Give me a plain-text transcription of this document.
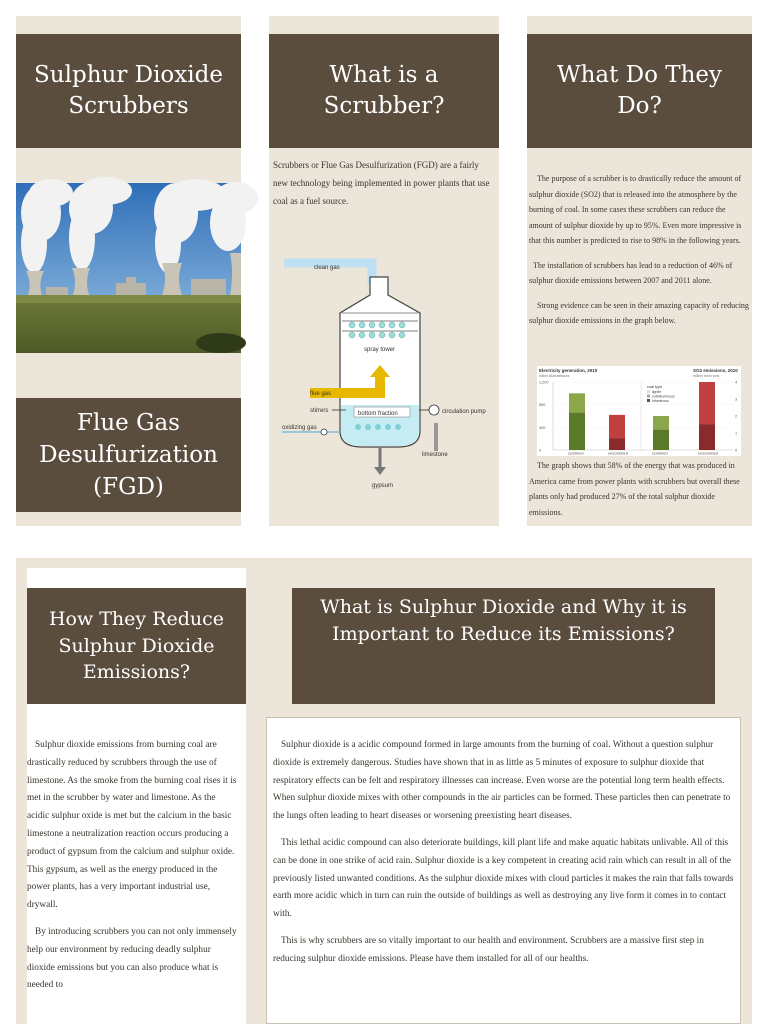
Sulphur Dioxide Scrubbers
Flue Gas Desulfurization (FGD)
What is a Scrubber?

Scrubbers or Flue Gas Desulfurization (FGD) are a fairly new technology being implemented in power plants that use coal as a fuel source.

clean gas
spray tower
flue gas
bottom fraction
stirrers	circulation pump
oxidizing gas
limestone
gypsum
What Do They Do?

The purpose of a scrubber is to drastically reduce the amount of sulphur dioxide (SO2) that is released into the atmosphere by the burning of coal. In some cases these scrubbers can reduce the amount of sulphur dioxide by up to 95%. Even more impressive is that this number is predicted to rise to 98% in the following years.

The installation of scrubbers has lead to a reduction of 46% of sulphur dioxide emissions between 2007 and 2011 alone.

Strong evidence can be seen in their amazing capacity of reducing sulphur dioxide emissions in the graph below.

Electricity generation, 2010
billion kilowatthours
SO2 emissions, 2010
million short tons
1,200
800
400
0
4
3
2
1
0
scrubbed	unscrubbed	scrubbed	unscrubbed
coal type
lignite
subbituminous
bituminous

The graph shows that 58% of the energy that was produced in America came from power plants with scrubbers but overall these plants only had produced 27% of the total sulphur dioxide emissions.

How They Reduce Sulphur Dioxide Emissions?

Sulphur dioxide emissions from burning coal are drastically reduced by scrubbers through the use of limestone. As the smoke from the burning coal rises it is met in the scrubber by water and limestone. As the acidic sulphur oxide is met but the calcium in the basic limestone a neutralization reaction occurs producing a product of gypsum from the calcium and sulphur oxide. This gypsum, as well as the energy produced in the power plants, has a very important industrial use, drywall.

By introducing scrubbers you can not only immensely help our environment by reducing deadly sulphur dioxide emissions but you can also produce what is needed to

What is Sulphur Dioxide and Why it is Important to Reduce its Emissions?

Sulphur dioxide is a acidic compound formed in large amounts from the burning of coal. Without a question sulphur dioxide is extremely dangerous. Studies have shown that in as little as 5 minutes of exposure to sulphur dioxide that respiratory effects can be felt and respiratory illnesses can increase. Even worse are the potential long term health effects. When sulphur dioxide mixes with other compounds in the air particles can be formed. These particles then can penetrate to the lungs often leading to heart diseases or worsening preexisting heart diseases.

This lethal acidic compound can also deteriorate buildings, kill plant life and make aquatic habitats unlivable. All of this can be done in one strike of acid rain. Sulphur dioxide is a key competent in creating acid rain which can result in all of the previously listed unwanted conditions. As the sulphur dioxide mixes with cloud particles it makes the rain that falls towards earth more acidic which in turn can ruin the outside of buildings as well as destroying any live form it comes in to contact with.

This is why scrubbers are so vitally important to our health and environment. Scrubbers are a massive first step in reducing sulphur dioxide emissions. Please have them installed for all of our healths.
